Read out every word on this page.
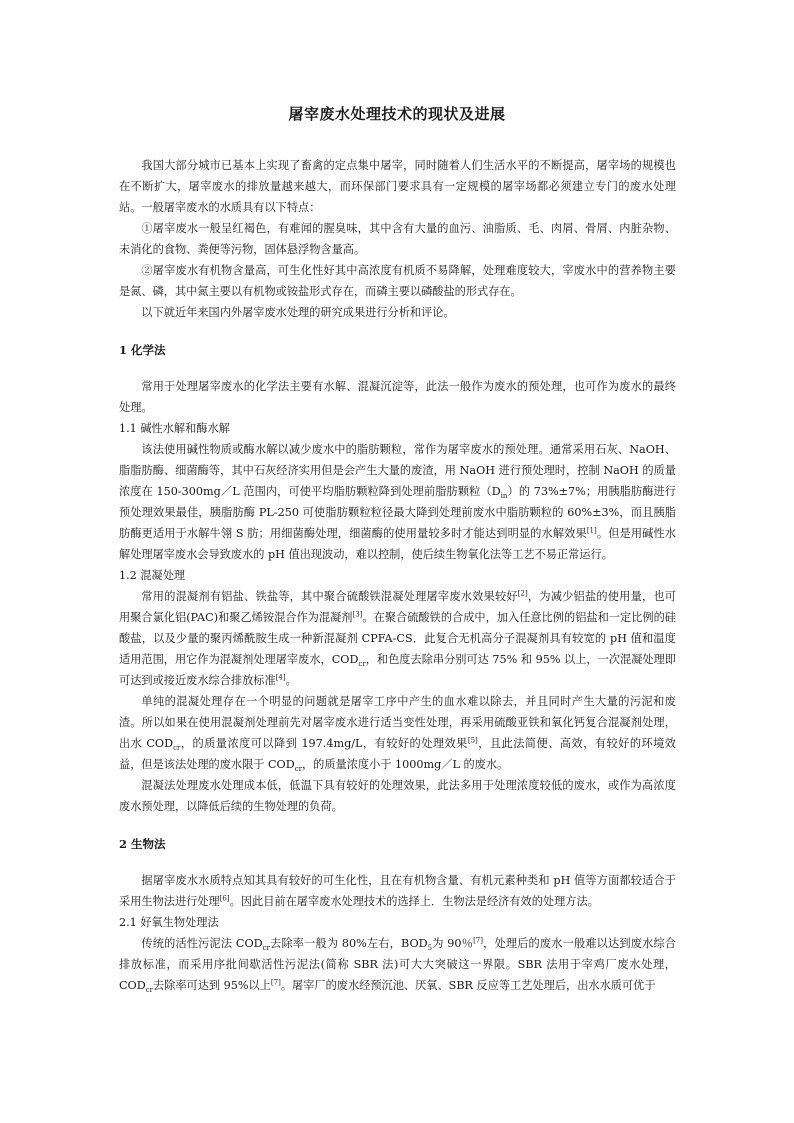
屠宰废水处理技术的现状及进展

我国大部分城市已基本上实现了畜禽的定点集中屠宰，同时随着人们生活水平的不断提高，屠宰场的规模也在不断扩大，屠宰废水的排放量越来越大，而环保部门要求具有一定规模的屠宰场都必须建立专门的废水处理站。一般屠宰废水的水质具有以下特点：

①屠宰废水一般呈红褐色，有难闻的腥臭味，其中含有大量的血污、油脂质、毛、肉屑、骨屑、内脏杂物、未消化的食物、粪便等污物，固体悬浮物含量高。

②屠宰废水有机物含量高，可生化性好其中高浓度有机质不易降解，处理难度较大，宰废水中的营养物主要是氮、磷，其中氮主要以有机物或铵盐形式存在，而磷主要以磷酸盐的形式存在。

以下就近年来国内外屠宰废水处理的研究成果进行分析和评论。

1 化学法

常用于处理屠宰废水的化学法主要有水解、混凝沉淀等，此法一般作为废水的预处理，也可作为废水的最终处理。

1.1 碱性水解和酶水解

该法使用碱性物质或酶水解以减少废水中的脂肪颗粒，常作为屠宰废水的预处理。通常采用石灰、NaOH、脂脂肪酶、细菌酶等，其中石灰经济实用但是会产生大量的废渣，用 NaOH 进行预处理时，控制 NaOH 的质量浓度在 150-300mg／L 范围内，可使平均脂肪颗粒降到处理前脂肪颗粒$(D_{in})$的 73%±7%；用胰脂肪酶进行预处理效果最佳，胰脂肪酶 PL-250 可使脂肪颗粒粒径最大降到处理前废水中脂肪颗粒的 60%±3%，而且胰脂肪酶更适用于水解牛翎 S 肪；用细菌酶处理，细菌酶的使用量较多时才能达到明显的水解效果[1]。但是用碱性水解处理屠宰废水会导致废水的 pH 值出现波动，难以控制，使后续生物氧化法等工艺不易正常运行。

1.2 混凝处理

常用的混凝剂有铝盐、铁盐等，其中聚合硫酸铁混凝处理屠宰废水效果较好[2]，为减少铝盐的使用量，也可用聚合氯化铝(PAC)和聚乙烯铵混合作为混凝剂[3]。在聚合硫酸铁的合成中，加入任意比例的铝盐和一定比例的硅酸盐，以及少量的聚丙烯酰胺生成一种新混凝剂 CPFA-CS．此复合无机高分子混凝剂具有较宽的 pH 值和温度适用范围，用它作为混凝剂处理屠宰废水，$COD_{cr}$，和色度去除串分别可达 75% 和 95% 以上，一次混凝处理即可达到或接近废水综合排放标准[4]。

单纯的混凝处理存在一个明显的问题就是屠宰工序中产生的血水难以除去，并且同时产生大量的污泥和废渣。所以如果在使用混凝剂处理前先对屠宰废水进行适当变性处理，再采用硫酸亚铁和氧化钙复合混凝剂处理，出水 $COD_{cr}$，的质量浓度可以降到 197.4mg/L，有较好的处理效果[5]，且此法简便、高效，有较好的环境效益，但是该法处理的废水限于 $COD_{cr}$，的质量浓度小于 1000mg／L 的废水。

混凝法处理废水处理成本低，低温下具有较好的处理效果，此法多用于处理浓度较低的废水，或作为高浓度废水预处理，以降低后续的生物处理的负荷。

2 生物法

据屠宰废水水质特点知其具有较好的可生化性，且在有机物含量、有机元素种类和 pH 值等方面都较适合于采用生物法进行处理[6]。因此目前在屠宰废水处理技术的选择上．生物法是经济有效的处理方法。

2.1 好氧生物处理法

传统的活性污泥法 $COD_{cr}$去除率一般为 80%左右，$BOD_5$为 90％[7]，处理后的废水一般难以达到废水综合排放标准，而采用序批间歇活性污泥法(简称 SBR 法)可大大突破这一界限。SBR 法用于宰鸡厂废水处理，$COD_{cr}$去除率可达到 95%以上[7]。屠宰厂的废水经预沉池、厌氧、SBR 反应等工艺处理后，出水水质可优于
